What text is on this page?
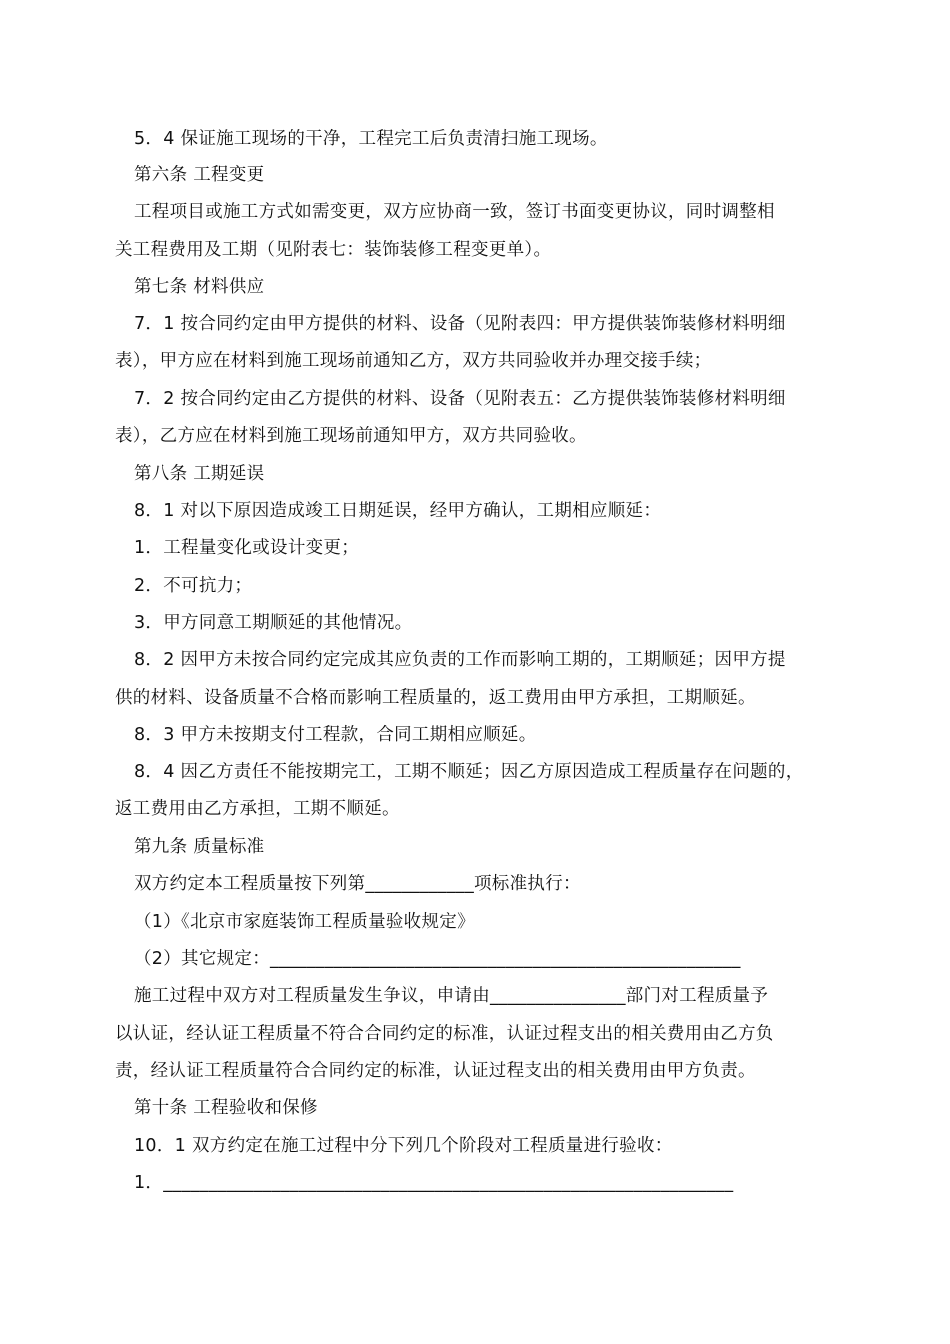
5．4 保证施工现场的干净，工程完工后负责清扫施工现场。
第六条 工程变更
工程项目或施工方式如需变更，双方应协商一致，签订书面变更协议，同时调整相
关工程费用及工期（见附表七：装饰装修工程变更单）。
第七条 材料供应
7．1 按合同约定由甲方提供的材料、设备（见附表四：甲方提供装饰装修材料明细
表），甲方应在材料到施工现场前通知乙方，双方共同验收并办理交接手续；
7．2 按合同约定由乙方提供的材料、设备（见附表五：乙方提供装饰装修材料明细
表），乙方应在材料到施工现场前通知甲方，双方共同验收。
第八条 工期延误
8．1 对以下原因造成竣工日期延误，经甲方确认，工期相应顺延：
1．工程量变化或设计变更；
2．不可抗力；
3．甲方同意工期顺延的其他情况。
8．2 因甲方未按合同约定完成其应负责的工作而影响工期的，工期顺延；因甲方提
供的材料、设备质量不合格而影响工程质量的，返工费用由甲方承担，工期顺延。
8．3 甲方未按期支付工程款，合同工期相应顺延。
8．4 因乙方责任不能按期完工，工期不顺延；因乙方原因造成工程质量存在问题的，
返工费用由乙方承担，工期不顺延。
第九条 质量标准
双方约定本工程质量按下列第____________项标准执行：
（1）《北京市家庭装饰工程质量验收规定》
（2）其它规定：____________________________________________________
施工过程中双方对工程质量发生争议，申请由_______________部门对工程质量予
以认证，经认证工程质量不符合合同约定的标准，认证过程支出的相关费用由乙方负
责，经认证工程质量符合合同约定的标准，认证过程支出的相关费用由甲方负责。
第十条 工程验收和保修
10．1 双方约定在施工过程中分下列几个阶段对工程质量进行验收：
1．_______________________________________________________________
